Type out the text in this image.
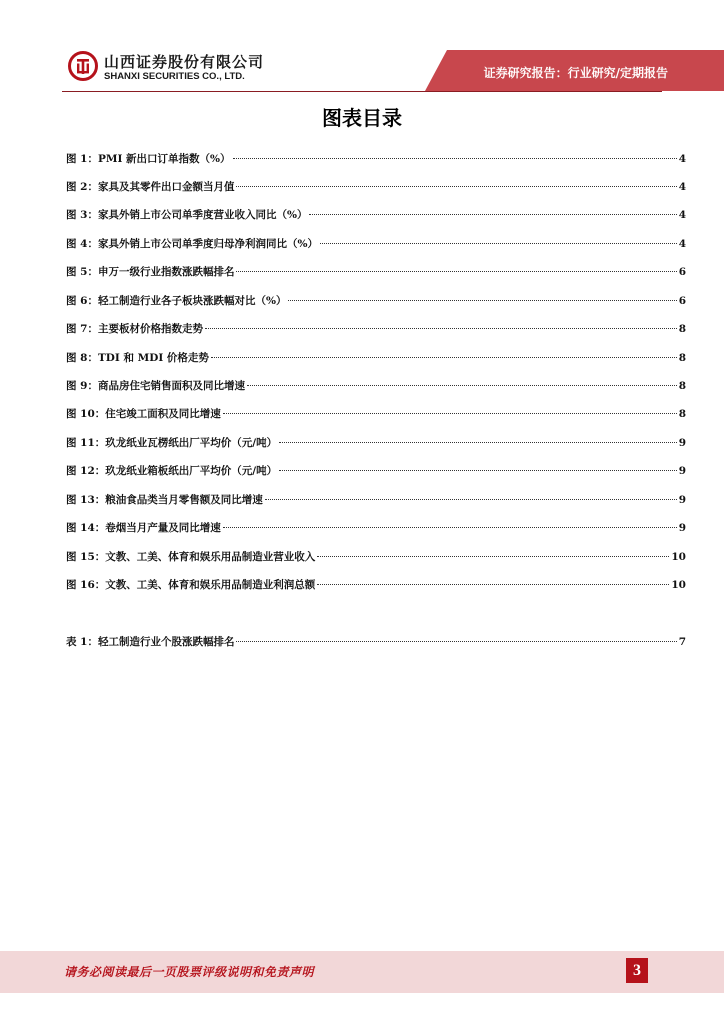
山西证券股份有限公司
SHANXI SECURITIES CO., LTD.	证券研究报告：行业研究/定期报告
图表目录
图 1：PMI 新出口订单指数（%）	4
图 2：家具及其零件出口金额当月值	4
图 3：家具外销上市公司单季度营业收入同比（%）	4
图 4：家具外销上市公司单季度归母净利润同比（%）	4
图 5：申万一级行业指数涨跌幅排名	6
图 6：轻工制造行业各子板块涨跌幅对比（%）	6
图 7：主要板材价格指数走势	8
图 8：TDI 和 MDI 价格走势	8
图 9：商品房住宅销售面积及同比增速	8
图 10：住宅竣工面积及同比增速	8
图 11：玖龙纸业瓦楞纸出厂平均价（元/吨）	9
图 12：玖龙纸业箱板纸出厂平均价（元/吨）	9
图 13：粮油食品类当月零售额及同比增速	9
图 14：卷烟当月产量及同比增速	9
图 15：文教、工美、体育和娱乐用品制造业营业收入	10
图 16：文教、工美、体育和娱乐用品制造业利润总额	10
表 1：轻工制造行业个股涨跌幅排名	7
请务必阅读最后一页股票评级说明和免责声明	3
